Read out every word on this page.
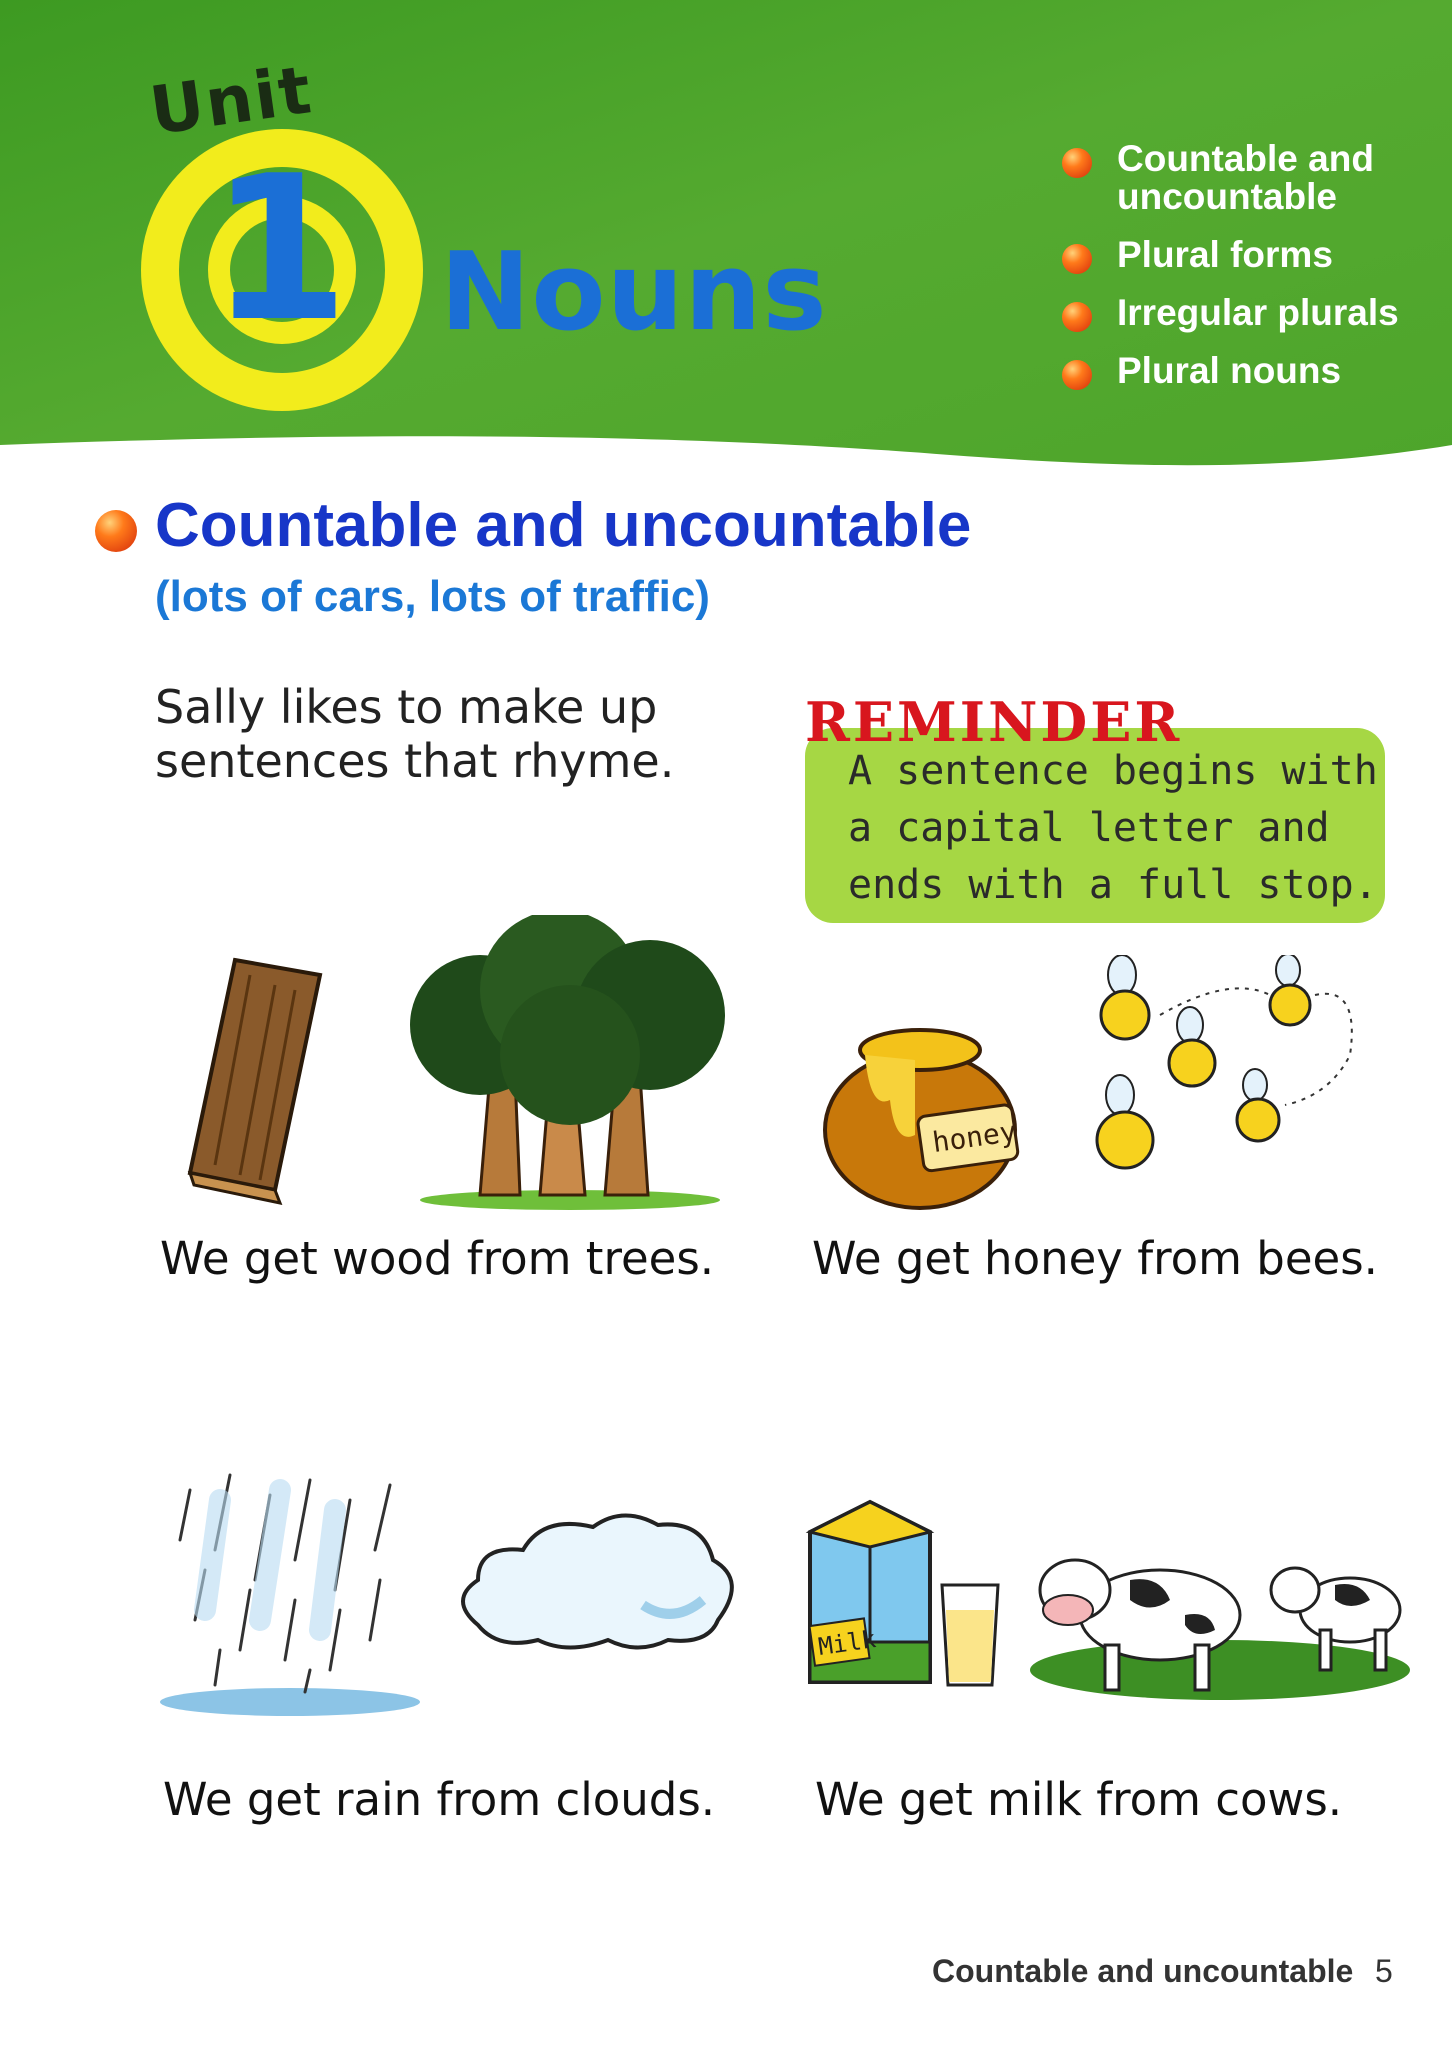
Unit
1 Nouns
Countable and uncountable
Plural forms
Irregular plurals
Plural nouns
Countable and uncountable
(lots of cars, lots of traffic)
Sally likes to make up sentences that rhyme.
REMINDER
A sentence begins with a capital letter and ends with a full stop.
We get wood from trees.
honey
We get honey from bees.
We get rain from clouds.
Milk
We get milk from cows.
Countable and uncountable 5
